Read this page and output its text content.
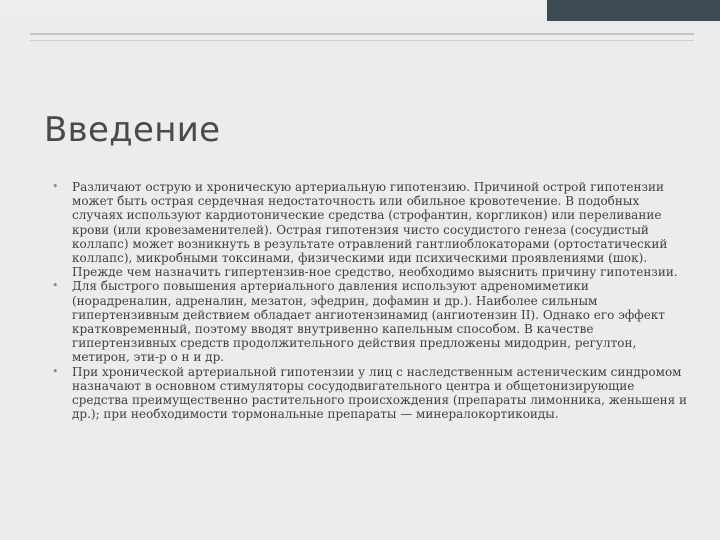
Введение
• Различают острую и хроническую артериальную гипотензию. Причиной острой гипотензии может быть острая сердечная недостаточность или обильное кровотечение. В подобных случаях используют кардиотонические средства (строфантин, коргликон) или переливание крови (или кровезаменителей). Острая гипотензия чисто сосудистого генеза (сосудистый коллапс) может возникнуть в результате отравлений гантлиоблокаторами (ортостатический коллапс), микробными токсинами, физическими иди психическими проявлениями (шок). Прежде чем назначить гипертензив-ное средство, необходимо выяснить причину гипотензии.
• Для быстрого повышения артериального давления используют адреномиметики (норадреналин, адреналин, мезатон, эфедрин, дофамин и др.). Наиболее сильным гипертензивным действием обладает ангиотензинамид (ангиотензин II). Однако его эффект кратковременный, поэтому вводят внутривенно капельным способом. В качестве гипертензивных средств продолжительного действия предложены мидодрин, регултон, метирон, эти-р о н и др.
• При хронической артериальной гипотензии у лиц с наследственным астеническим синдромом назначают в основном стимуляторы сосудодвигательного центра и общетонизирующие средства преимущественно растительного происхождения (препараты лимонника, женьшеня и др.); при необходимости тормональные препараты — минералокортикоиды.
